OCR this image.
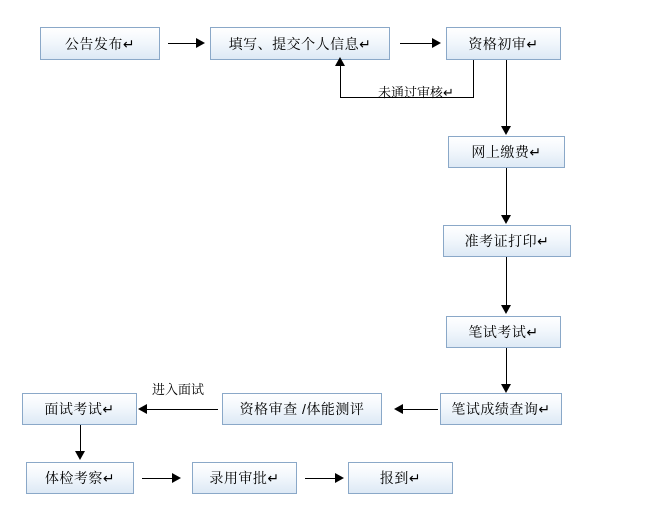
公告发布↵	填写、提交个人信息↵	资格初审↵
未通过审核↵
网上缴费↵
准考证打印↵
笔试考试↵
笔试成绩查询↵
资格审查 /体能测评
进入面试
面试考试↵
体检考察↵	录用审批↵	报到↵
